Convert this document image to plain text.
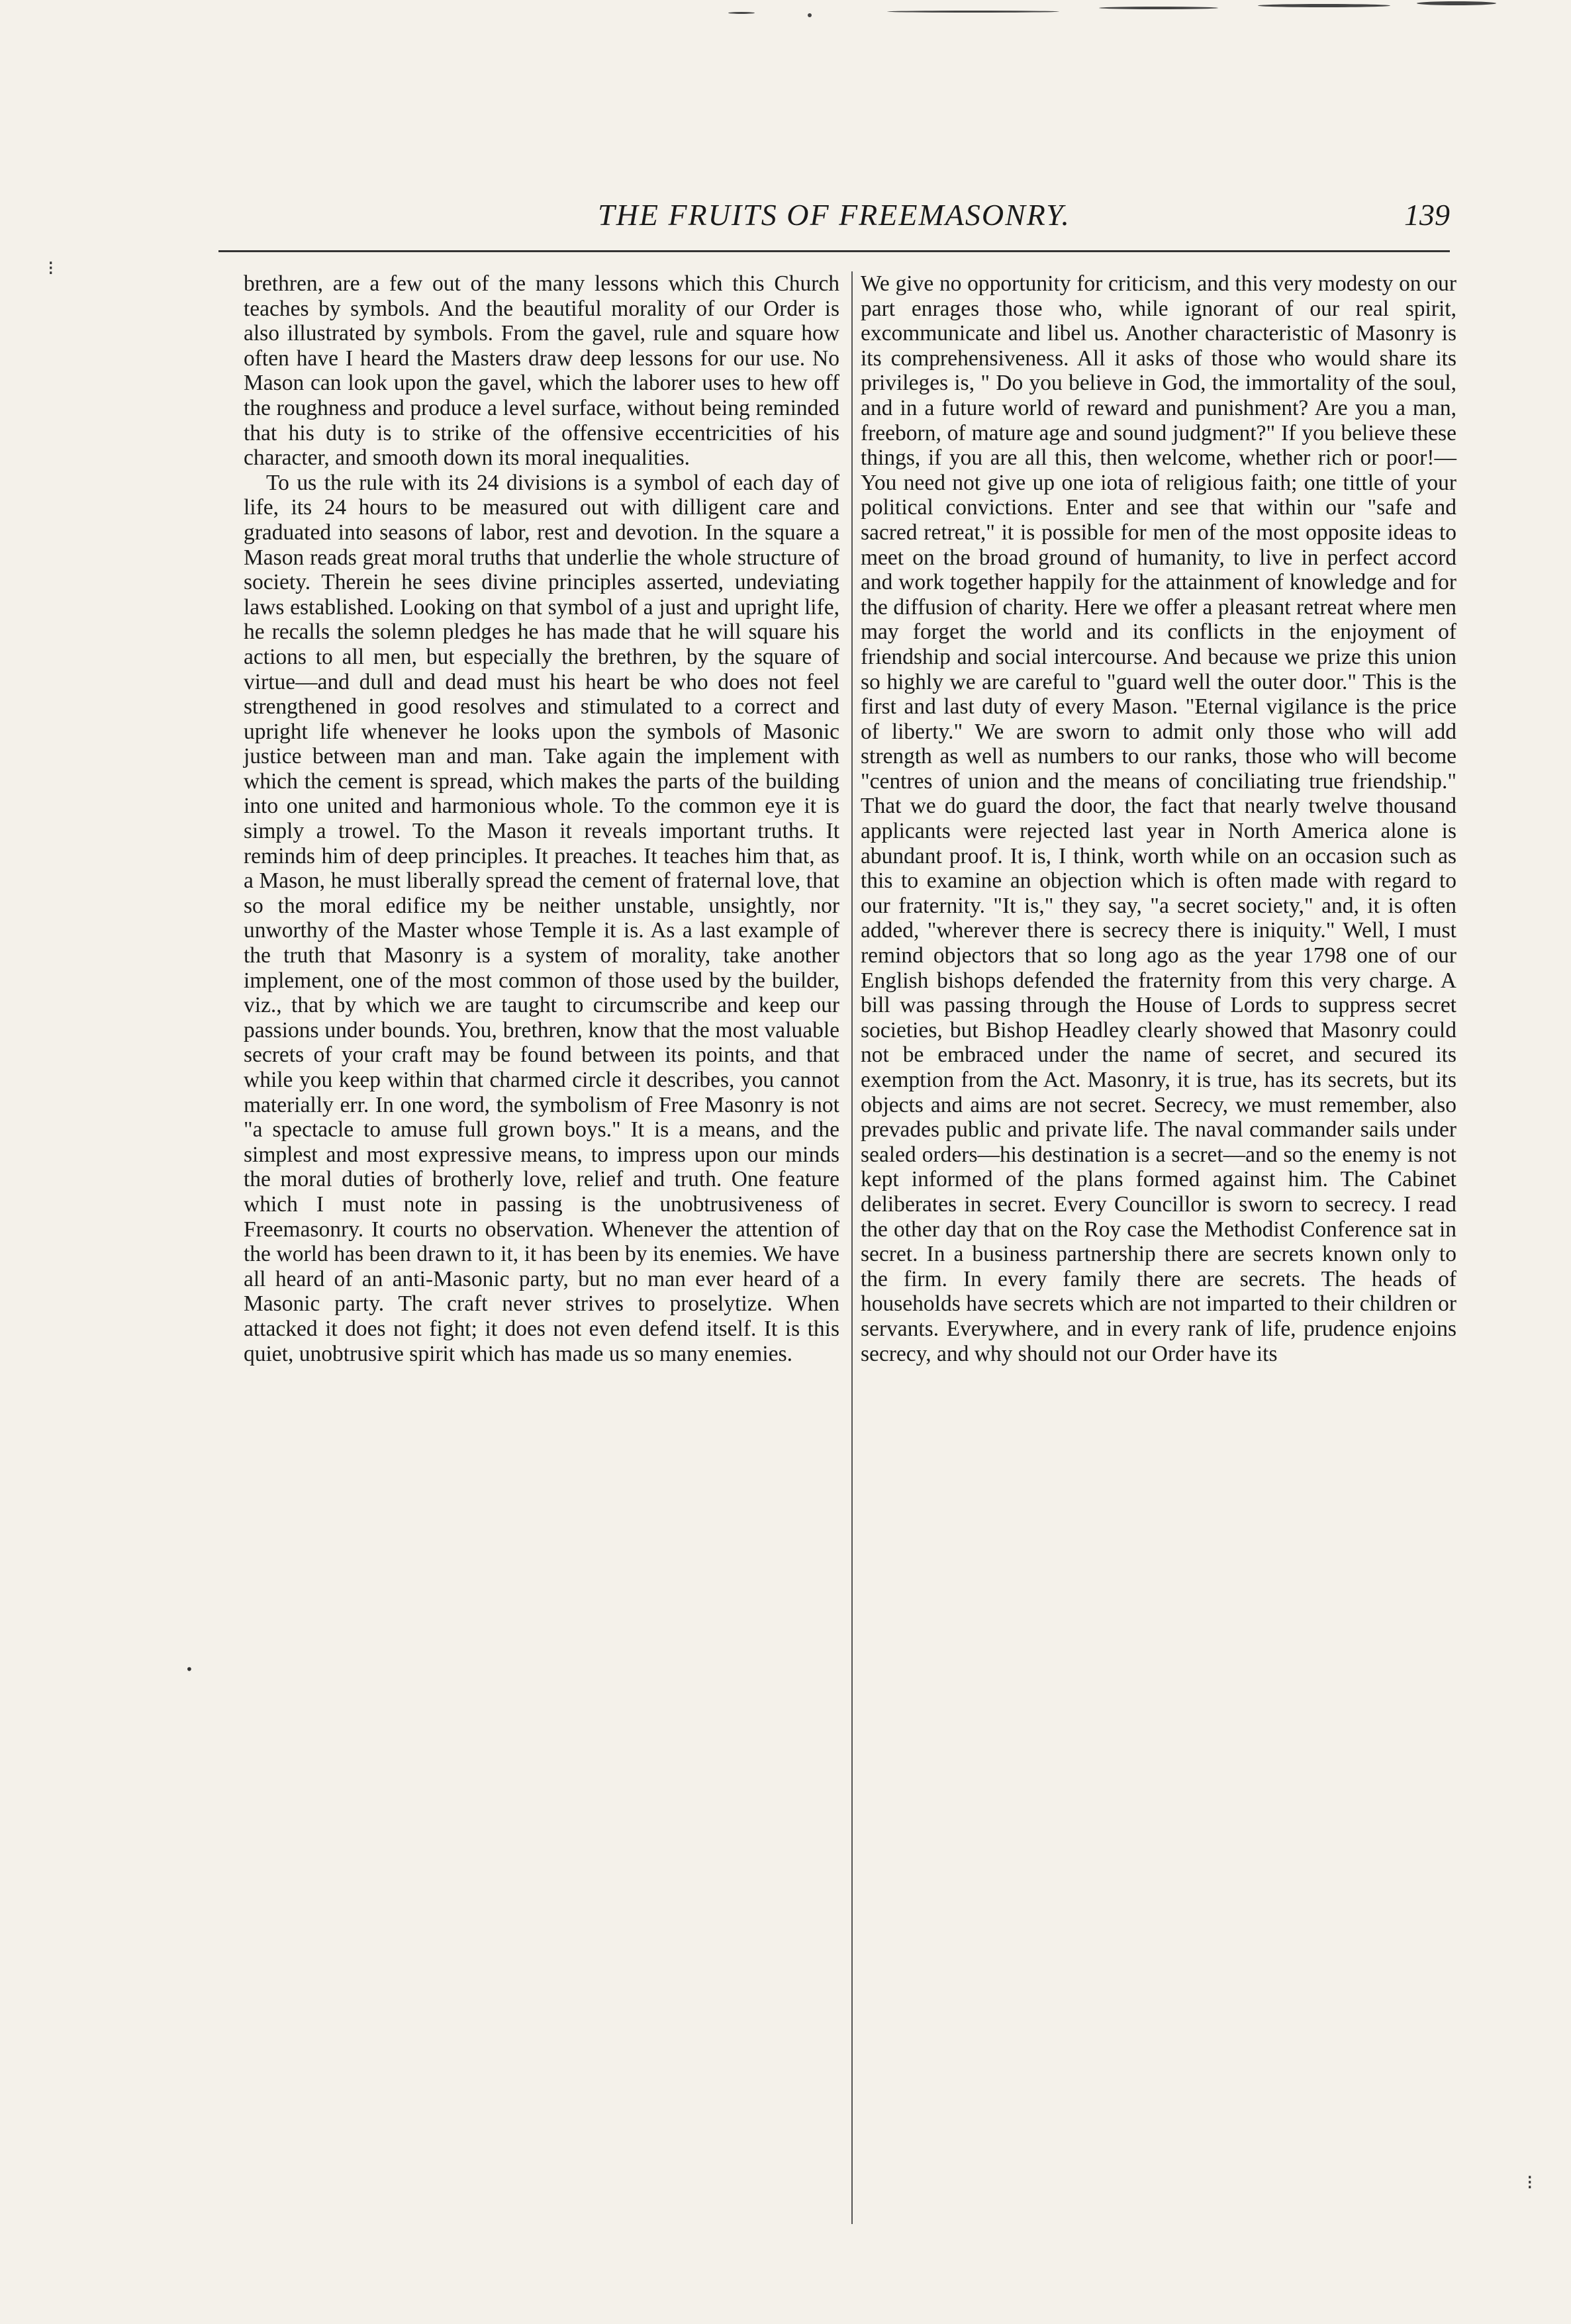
⁝
•
⁝
THE FRUITS OF FREEMASONRY.	139

brethren, are a few out of the many lessons which this Church teaches by symbols. And the beautiful morality of our Order is also illustrated by symbols. From the gavel, rule and square how often have I heard the Masters draw deep lessons for our use. No Mason can look upon the gavel, which the laborer uses to hew off the roughness and produce a level surface, without being reminded that his duty is to strike of the offensive eccentricities of his character, and smooth down its moral inequalities.

To us the rule with its 24 divisions is a symbol of each day of life, its 24 hours to be measured out with dilligent care and graduated into seasons of labor, rest and devotion. In the square a Mason reads great moral truths that underlie the whole structure of society. Therein he sees divine principles asserted, undeviating laws established. Looking on that symbol of a just and upright life, he recalls the solemn pledges he has made that he will square his actions to all men, but especially the brethren, by the square of virtue—and dull and dead must his heart be who does not feel strengthened in good resolves and stimulated to a correct and upright life whenever he looks upon the symbols of Masonic justice between man and man. Take again the implement with which the cement is spread, which makes the parts of the building into one united and harmonious whole. To the common eye it is simply a trowel. To the Mason it reveals important truths. It reminds him of deep principles. It preaches. It teaches him that, as a Mason, he must liberally spread the cement of fraternal love, that so the moral edifice my be neither unstable, unsightly, nor unworthy of the Master whose Temple it is. As a last example of the truth that Masonry is a system of morality, take another implement, one of the most common of those used by the builder, viz., that by which we are taught to circumscribe and keep our passions under bounds. You, brethren, know that the most valuable secrets of your craft may be found between its points, and that while you keep within that charmed circle it describes, you cannot materially err. In one word, the symbolism of Free Masonry is not "a spectacle to amuse full grown boys." It is a means, and the simplest and most expressive means, to impress upon our minds the moral duties of brotherly love, relief and truth. One feature which I must note in passing is the unobtrusiveness of Freemasonry. It courts no observation. Whenever the attention of the world has been drawn to it, it has been by its enemies. We have all heard of an anti-Masonic party, but no man ever heard of a Masonic party. The craft never strives to proselytize. When attacked it does not fight; it does not even defend itself. It is this quiet, unobtrusive spirit which has made us so many enemies.

We give no opportunity for criticism, and this very modesty on our part enrages those who, while ignorant of our real spirit, excommunicate and libel us. Another characteristic of Masonry is its comprehensiveness. All it asks of those who would share its privileges is, " Do you believe in God, the immortality of the soul, and in a future world of reward and punishment? Are you a man, freeborn, of mature age and sound judgment?" If you believe these things, if you are all this, then welcome, whether rich or poor!—You need not give up one iota of religious faith; one tittle of your political convictions. Enter and see that within our "safe and sacred retreat," it is possible for men of the most opposite ideas to meet on the broad ground of humanity, to live in perfect accord and work together happily for the attainment of knowledge and for the diffusion of charity. Here we offer a pleasant retreat where men may forget the world and its conflicts in the enjoyment of friendship and social intercourse. And because we prize this union so highly we are careful to "guard well the outer door." This is the first and last duty of every Mason. "Eternal vigilance is the price of liberty." We are sworn to admit only those who will add strength as well as numbers to our ranks, those who will become "centres of union and the means of conciliating true friendship." That we do guard the door, the fact that nearly twelve thousand applicants were rejected last year in North America alone is abundant proof. It is, I think, worth while on an occasion such as this to examine an objection which is often made with regard to our fraternity. "It is," they say, "a secret society," and, it is often added, "wherever there is secrecy there is iniquity." Well, I must remind objectors that so long ago as the year 1798 one of our English bishops defended the fraternity from this very charge. A bill was passing through the House of Lords to suppress secret societies, but Bishop Headley clearly showed that Masonry could not be embraced under the name of secret, and secured its exemption from the Act. Masonry, it is true, has its secrets, but its objects and aims are not secret. Secrecy, we must remember, also prevades public and private life. The naval commander sails under sealed orders—his destination is a secret—and so the enemy is not kept informed of the plans formed against him. The Cabinet deliberates in secret. Every Councillor is sworn to secrecy. I read the other day that on the Roy case the Methodist Conference sat in secret. In a business partnership there are secrets known only to the firm. In every family there are secrets. The heads of households have secrets which are not imparted to their children or servants. Everywhere, and in every rank of life, prudence enjoins secrecy, and why should not our Order have its
